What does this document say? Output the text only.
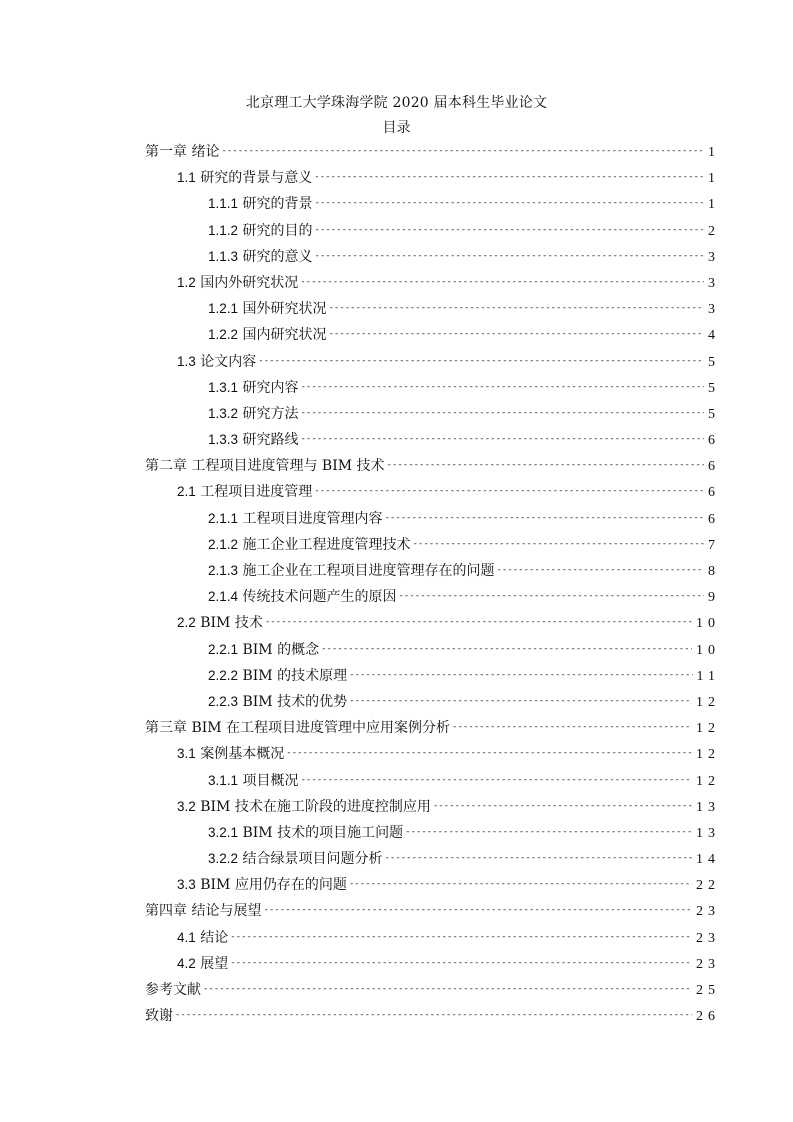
北京理工大学珠海学院 2020 届本科生毕业论文
目录
第一章 绪论 -----	1
1.1 研究的背景与意义 -----	1
1.1.1 研究的背景 -----	1
1.1.2 研究的目的 -----	2
1.1.3 研究的意义 -----	3
1.2 国内外研究状况 -----	3
1.2.1 国外研究状况 -----	3
1.2.2 国内研究状况 -----	4
1.3 论文内容 -----	5
1.3.1 研究内容 -----	5
1.3.2 研究方法 -----	5
1.3.3 研究路线 -----	6
第二章 工程项目进度管理与 BIM 技术 -----	6
2.1 工程项目进度管理 -----	6
2.1.1 工程项目进度管理内容 -----	6
2.1.2 施工企业工程进度管理技术 -----	7
2.1.3 施工企业在工程项目进度管理存在的问题 -----	8
2.1.4 传统技术问题产生的原因 -----	9
2.2 BIM 技术 -----	10
2.2.1 BIM 的概念 -----	10
2.2.2 BIM 的技术原理 -----	11
2.2.3 BIM 技术的优势 -----	12
第三章 BIM 在工程项目进度管理中应用案例分析 -----	12
3.1 案例基本概况 -----	12
3.1.1 项目概况 -----	12
3.2 BIM 技术在施工阶段的进度控制应用 -----	13
3.2.1 BIM 技术的项目施工问题 -----	13
3.2.2 结合绿景项目问题分析 -----	14
3.3 BIM 应用仍存在的问题 -----	22
第四章 结论与展望 -----	23
4.1 结论 -----	23
4.2 展望 -----	23
参考文献 -----	25
致谢 -----	26
